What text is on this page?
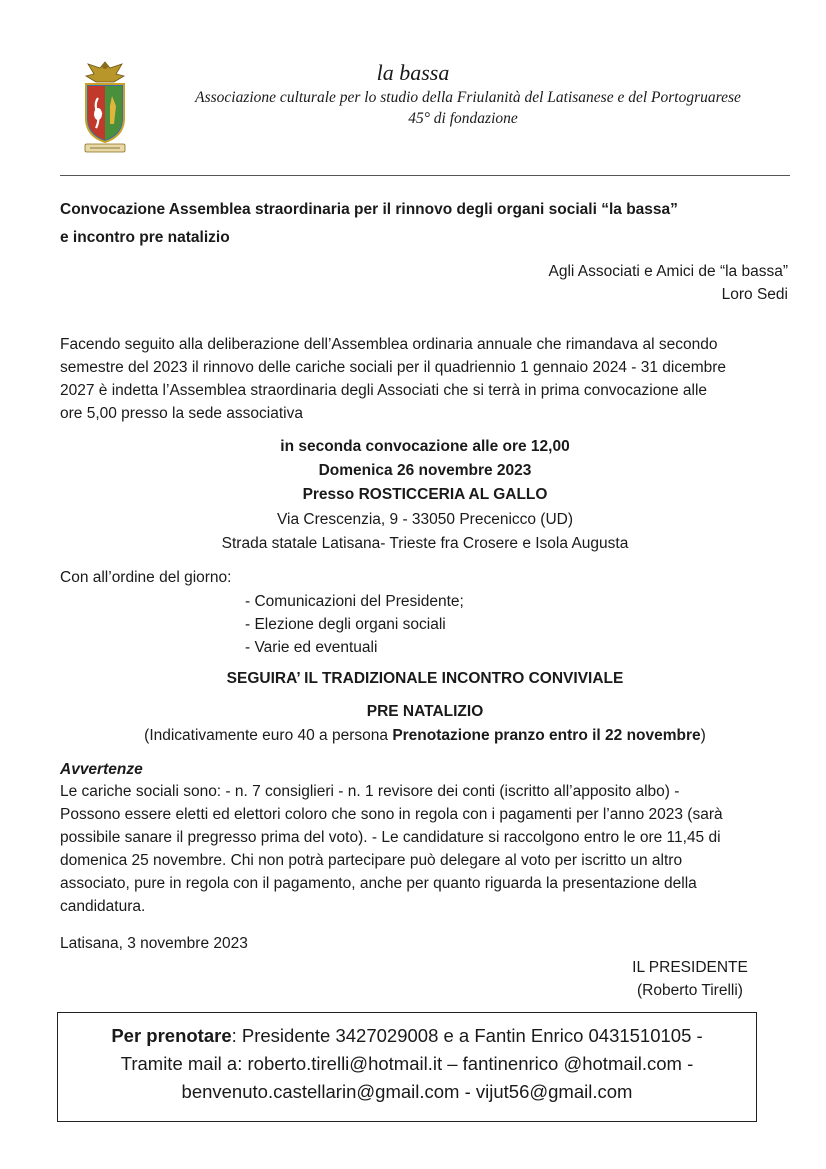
la bassa
Associazione culturale per lo studio della Friulanità del Latisanese e del Portogruarese
45° di fondazione
Convocazione Assemblea straordinaria per il rinnovo degli organi sociali “la bassa”
e incontro pre natalizio
Agli Associati e Amici de “la bassa”
Loro Sedi
Facendo seguito alla deliberazione dell’Assemblea ordinaria annuale che rimandava al secondo
semestre del 2023 il rinnovo delle cariche sociali per il quadriennio 1 gennaio 2024 - 31 dicembre
2027 è indetta l’Assemblea straordinaria degli Associati che si terrà in prima convocazione alle
ore 5,00 presso la sede associativa
in seconda convocazione alle ore 12,00
Domenica 26 novembre 2023
Presso ROSTICCERIA AL GALLO
Via Crescenzia, 9 - 33050 Precenicco (UD)
Strada statale Latisana- Trieste fra Crosere e Isola Augusta
Con all’ordine del giorno:
- Comunicazioni del Presidente;
- Elezione degli organi sociali
- Varie ed eventuali
SEGUIRA’ IL TRADIZIONALE INCONTRO CONVIVIALE
PRE NATALIZIO
(Indicativamente euro 40 a persona Prenotazione pranzo entro il 22 novembre)
Avvertenze
Le cariche sociali sono: - n. 7 consiglieri - n. 1 revisore dei conti (iscritto all’apposito albo) -
Possono essere eletti ed elettori coloro che sono in regola con i pagamenti per l’anno 2023 (sarà
possibile sanare il pregresso prima del voto). - Le candidature si raccolgono entro le ore 11,45 di
domenica 25 novembre. Chi non potrà partecipare può delegare al voto per iscritto un altro
associato, pure in regola con il pagamento, anche per quanto riguarda la presentazione della
candidatura.
Latisana, 3 novembre 2023
IL PRESIDENTE
(Roberto Tirelli)
Per prenotare: Presidente 3427029008 e a Fantin Enrico 0431510105 -
Tramite mail a: roberto.tirelli@hotmail.it – fantinenrico @hotmail.com -
benvenuto.castellarin@gmail.com - vijut56@gmail.com
